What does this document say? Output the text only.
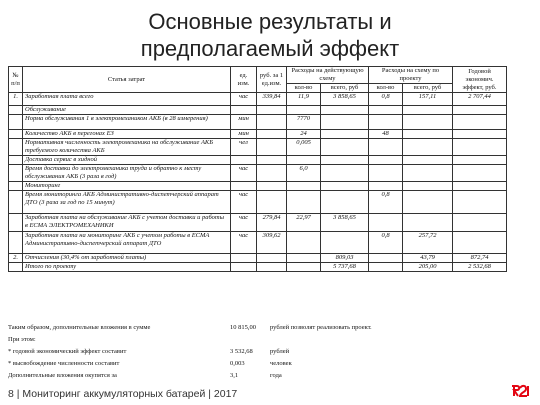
Основные результаты и
предполагаемый эффект
№ п/п	Статья затрат	ед. изм.	руб. за 1 ед.изм.	Расходы на действующую схему		Расходы на схему по проекту		Годовой экономич. эффект, руб.
				кол-во	всего, руб	кол-во	всего, руб	
1.	Заработная плата всего	час	339,84	11,9	3 858,65	0,8	157,11	2 707,44
	Обслуживание							
	Норма обслуживания 1 в электромехаником АКБ (в 28 измерения)	мин		7770				
	Количество АКБ в перегонах ЕЗ	мин		24		48		
	Нормативная численность электромеханика на обслуживание АКБ требуемого количества АКБ	чел		0,005				
	Доставка сервис в хидной							
	Время доставки до электромеханика труда и обратно к месту обслуживания АКБ (3 раза в год)	час		6,0				
	Мониторинг							
	Время мониторинга АКБ Административно-диспетчерский аппарат ДТО (3 раза за год по 15 минут)	час				0,8		
	Заработная плата на обслуживание АКБ с учетом доставки и работы в ЕСМА ЭЛЕКТРОМЕХАНИКИ	час	279,84	22,97	3 858,65			
	Заработная плата на мониторинг АКБ с учетом работы в ЕСМА Административно-диспетчерский аппарат ДТО	час	309,62			0,8	257,72	
2.	Отчисления (30,4% от заработной платы)				809,03		43,79	872,74
	Итого по проекту				5 737,68		205,00	2 532,68
Таким образом, дополнительные вложения в сумме	10 815,00 рублей позволят реализовать проект.
При этом:
* годовой экономический эффект составит	3 532,68	рублей
* высвобождение численности составит	0,003	человек
Дополнительные вложения окупятся за	3,1	года
8 | Мониторинг аккумуляторных батарей | 2017
